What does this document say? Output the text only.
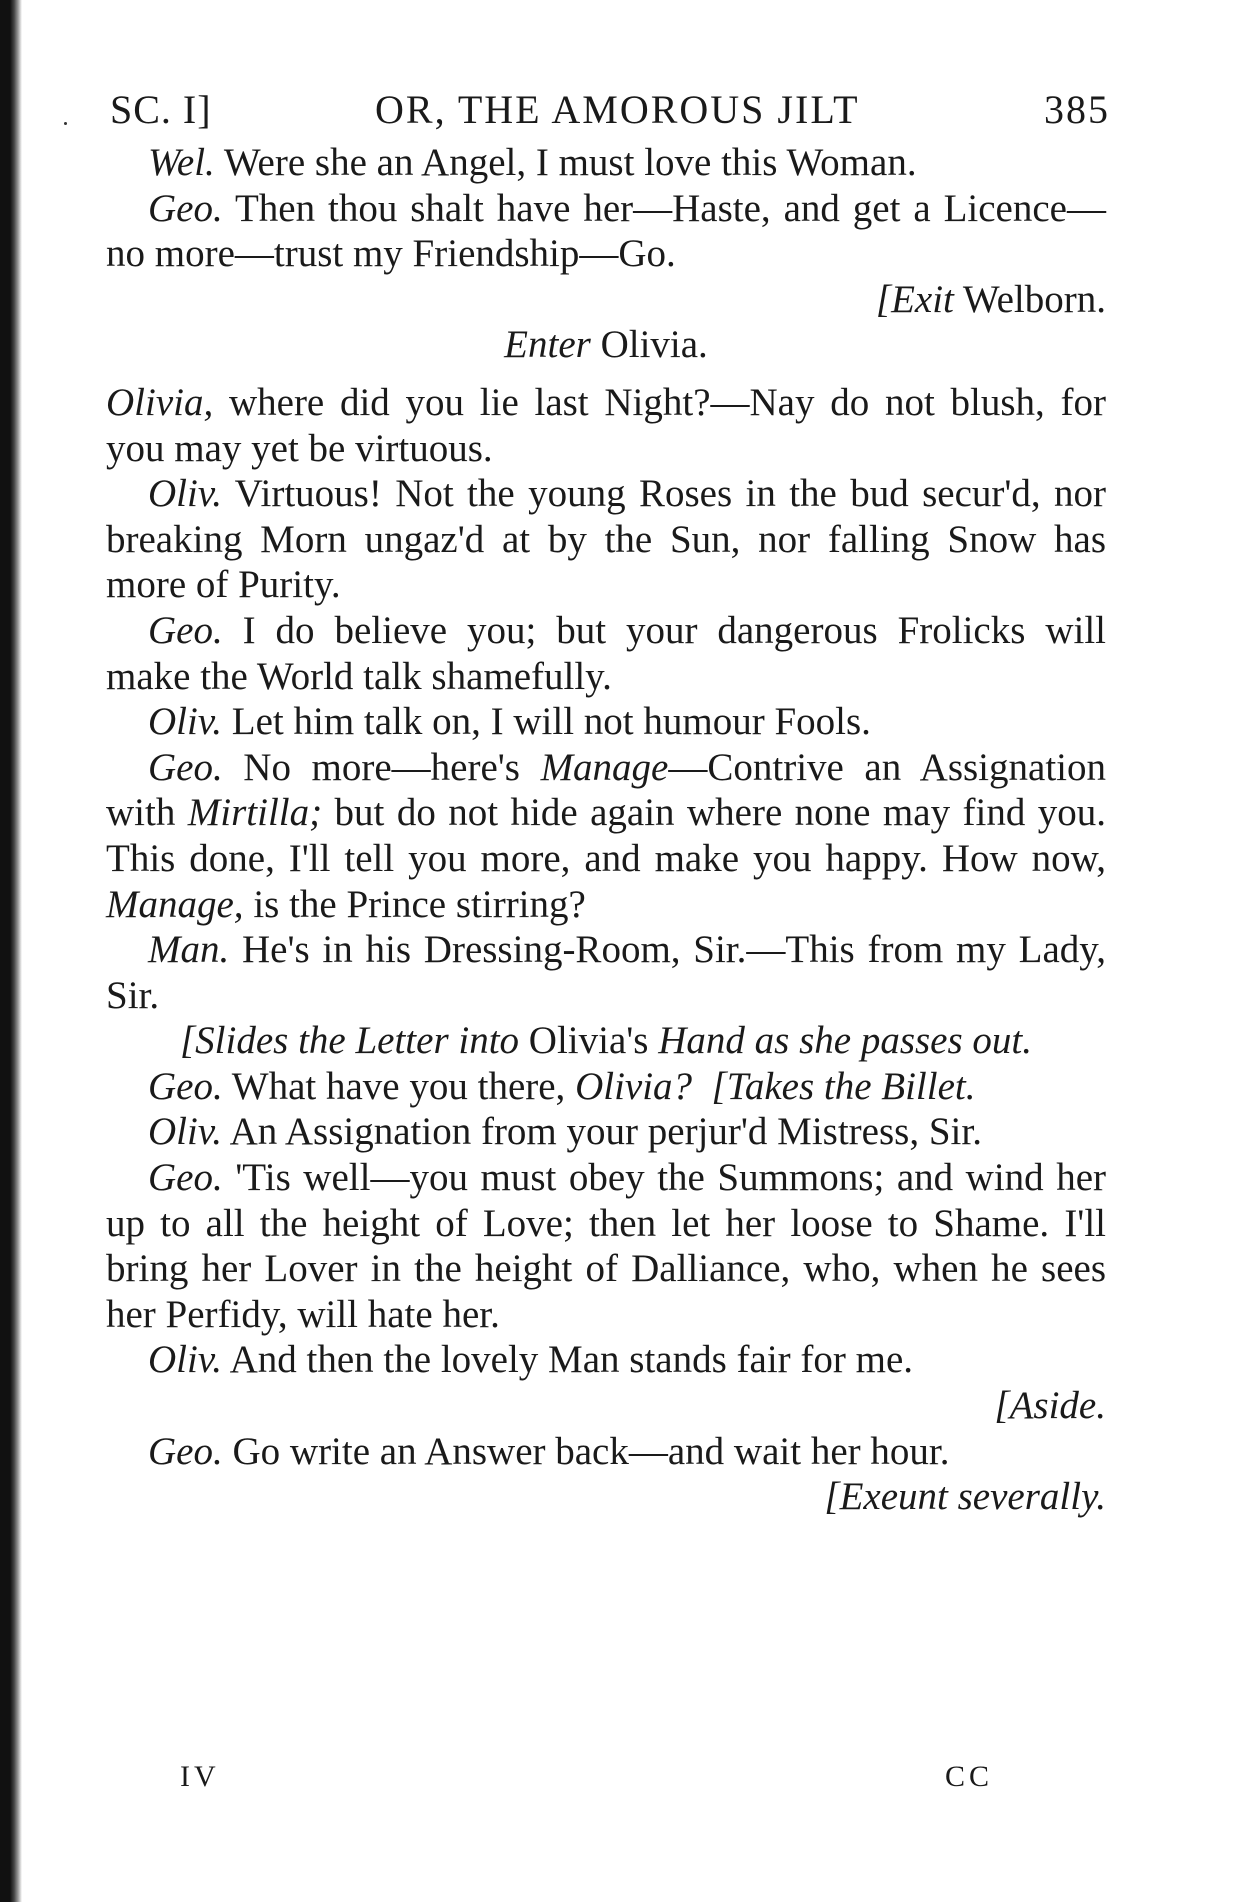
SC. I]	OR, THE AMOROUS JILT	385

Wel. Were she an Angel, I must love this Woman.

Geo. Then thou shalt have her—Haste, and get a Licence—no more—trust my Friendship—Go.

[Exit Welborn.

Enter Olivia.

Olivia, where did you lie last Night?—Nay do not blush, for you may yet be virtuous.

Oliv. Virtuous! Not the young Roses in the bud secur'd, nor breaking Morn ungaz'd at by the Sun, nor falling Snow has more of Purity.

Geo. I do believe you; but your dangerous Frolicks will make the World talk shamefully.

Oliv. Let him talk on, I will not humour Fools.

Geo. No more—here's Manage—Contrive an Assignation with Mirtilla; but do not hide again where none may find you. This done, I'll tell you more, and make you happy. How now, Manage, is the Prince stirring?

Man. He's in his Dressing-Room, Sir.—This from my Lady, Sir.

[Slides the Letter into Olivia's Hand as she passes out.

Geo. What have you there, Olivia? [Takes the Billet.

Oliv. An Assignation from your perjur'd Mistress, Sir.

Geo. 'Tis well—you must obey the Summons; and wind her up to all the height of Love; then let her loose to Shame. I'll bring her Lover in the height of Dalliance, who, when he sees her Perfidy, will hate her.

Oliv. And then the lovely Man stands fair for me.

[Aside.

Geo. Go write an Answer back—and wait her hour.

[Exeunt severally.

IV	CC
